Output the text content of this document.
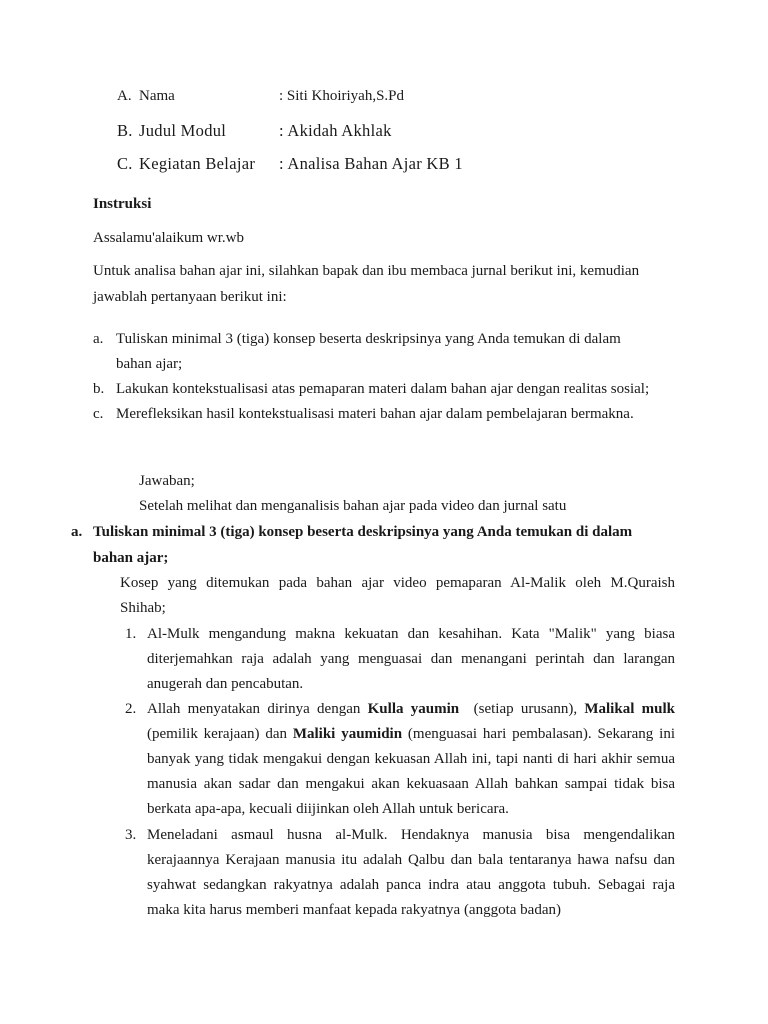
A. Nama	: Siti Khoiriyah,S.Pd
B. Judul Modul	: Akidah Akhlak
C. Kegiatan Belajar : Analisa Bahan Ajar KB 1
Instruksi
Assalamu'alaikum wr.wb
Untuk analisa bahan ajar ini, silahkan bapak dan ibu membaca jurnal berikut ini, kemudian
jawablah pertanyaan berikut ini:
a. Tuliskan minimal 3 (tiga) konsep beserta deskripsinya yang Anda temukan di dalam
bahan ajar;
b. Lakukan kontekstualisasi atas pemaparan materi dalam bahan ajar dengan realitas sosial;
c. Merefleksikan hasil kontekstualisasi materi bahan ajar dalam pembelajaran bermakna.
Jawaban;
Setelah melihat dan menganalisis bahan ajar pada video dan jurnal satu
a. Tuliskan minimal 3 (tiga) konsep beserta deskripsinya yang Anda temukan di dalam
bahan ajar;
Kosep yang ditemukan pada bahan ajar video pemaparan Al-Malik oleh M.Quraish
Shihab;
1. Al-Mulk mengandung makna kekuatan dan kesahihan. Kata "Malik" yang biasa
diterjemahkan raja adalah yang menguasai dan menangani perintah dan larangan
anugerah dan pencabutan.
2. Allah menyatakan dirinya dengan Kulla yaumin  (setiap urusann), Malikal mulk
(pemilik kerajaan) dan Maliki yaumidin (menguasai hari pembalasan). Sekarang ini
banyak yang tidak mengakui dengan kekuasan Allah ini, tapi nanti di hari akhir semua
manusia akan sadar dan mengakui akan kekuasaan Allah bahkan sampai tidak bisa
berkata apa-apa, kecuali diijinkan oleh Allah untuk bericara.
3. Meneladani asmaul husna al-Mulk. Hendaknya manusia bisa mengendalikan
kerajaannya Kerajaan manusia itu adalah Qalbu dan bala tentaranya hawa nafsu dan
syahwat sedangkan rakyatnya adalah panca indra atau anggota tubuh. Sebagai raja
maka kita harus memberi manfaat kepada rakyatnya (anggota badan)
